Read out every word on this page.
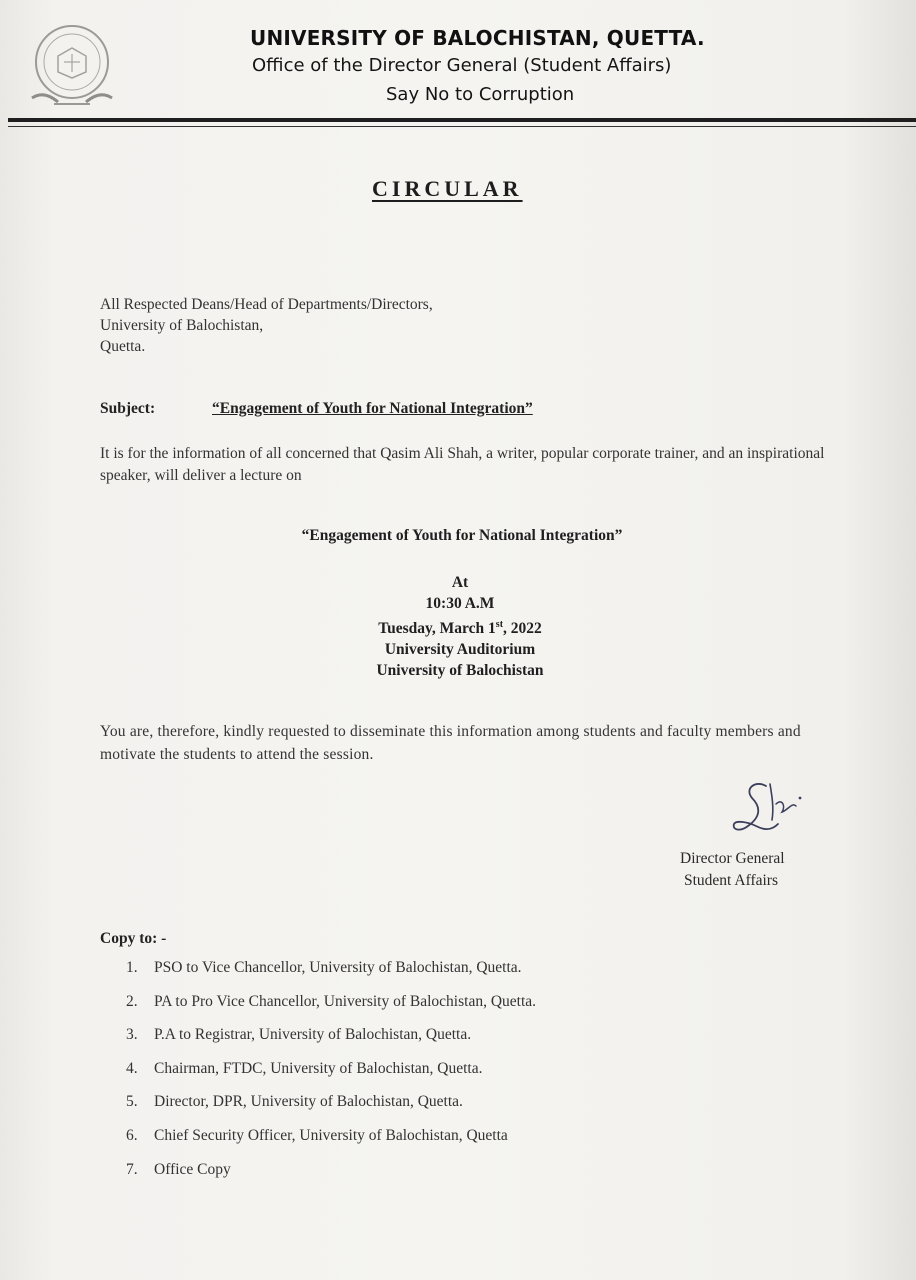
UNIVERSITY OF BALOCHISTAN, QUETTA.
Office of the Director General (Student Affairs)
Say No to Corruption
CIRCULAR
All Respected Deans/Head of Departments/Directors,
University of Balochistan,
Quetta.
Subject:	“Engagement of Youth for National Integration”
It is for the information of all concerned that Qasim Ali Shah, a writer, popular corporate trainer, and an inspirational speaker, will deliver a lecture on
“Engagement of Youth for National Integration”
At
10:30 A.M
Tuesday, March 1st, 2022
University Auditorium
University of Balochistan
You are, therefore, kindly requested to disseminate this information among students and faculty members and motivate the students to attend the session.
Director General
Student Affairs
Copy to: -
1. PSO to Vice Chancellor, University of Balochistan, Quetta.
2. PA to Pro Vice Chancellor, University of Balochistan, Quetta.
3. P.A to Registrar, University of Balochistan, Quetta.
4. Chairman, FTDC, University of Balochistan, Quetta.
5. Director, DPR, University of Balochistan, Quetta.
6. Chief Security Officer, University of Balochistan, Quetta
7. Office Copy
